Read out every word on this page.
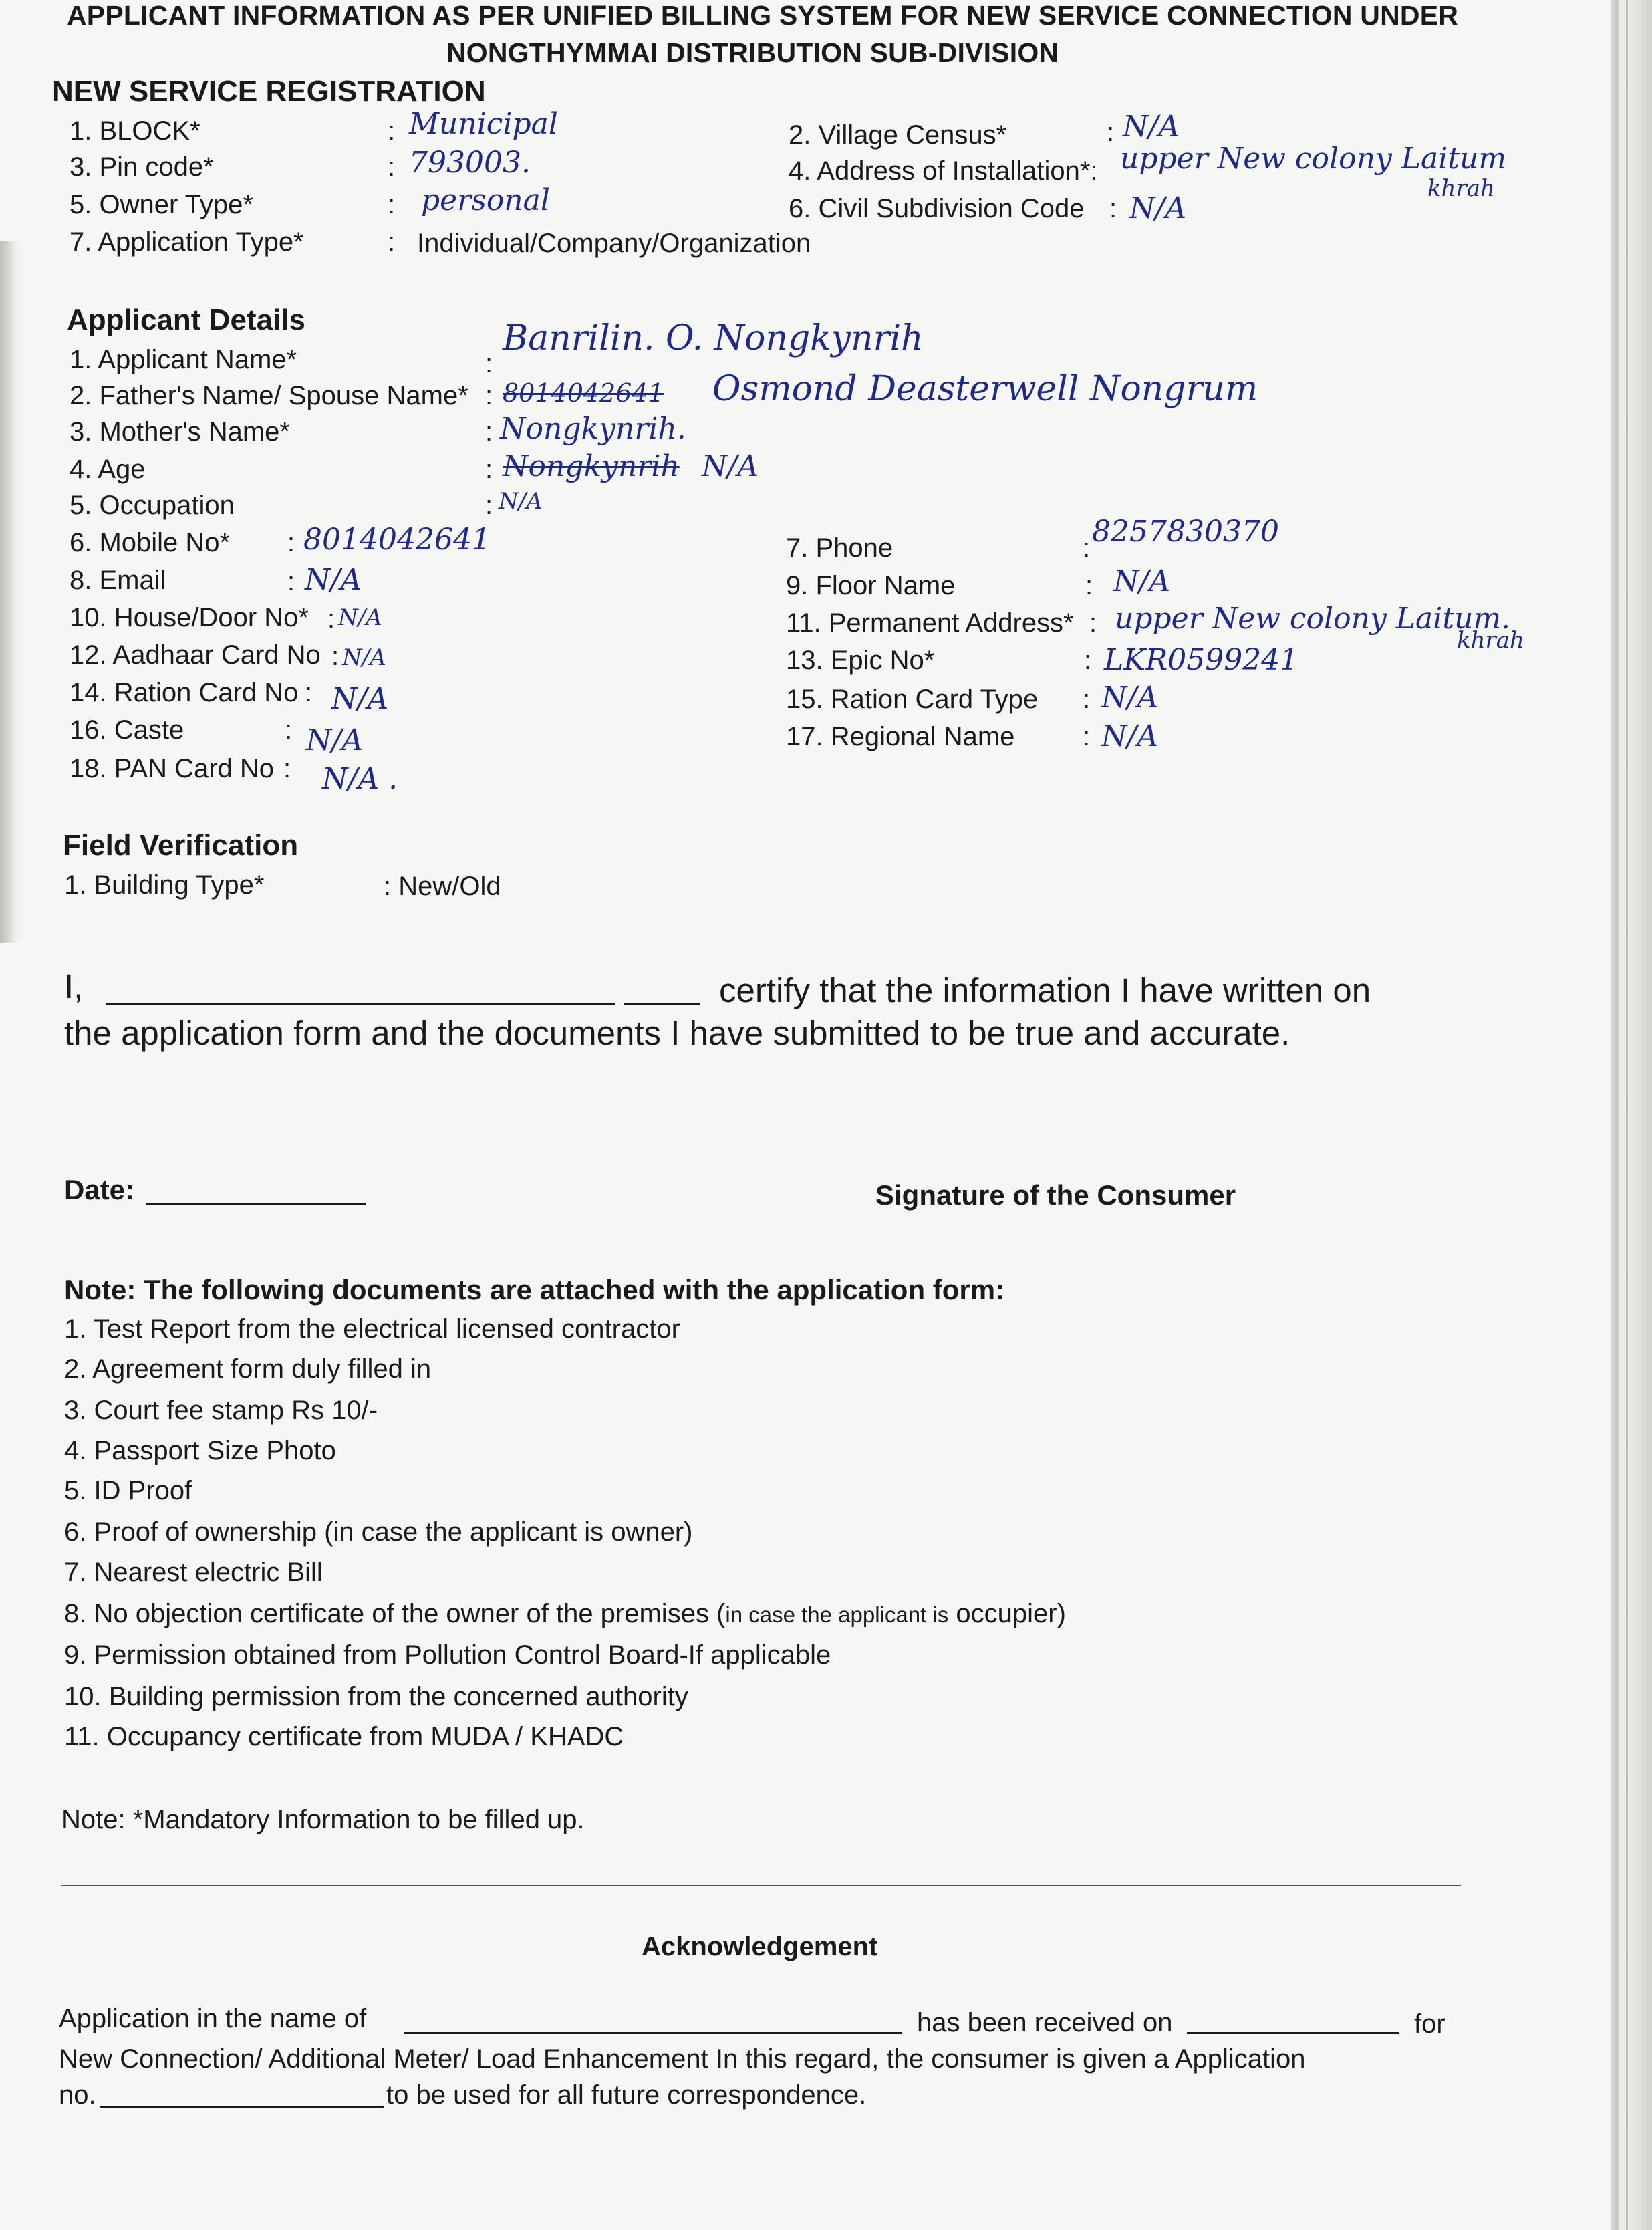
APPLICANT INFORMATION AS PER UNIFIED BILLING SYSTEM FOR NEW SERVICE CONNECTION UNDER
NONGTHYMMAI DISTRIBUTION SUB-DIVISION
NEW SERVICE REGISTRATION
1. BLOCK*	: Municipal
3. Pin code*	: 793003.
5. Owner Type*	: personal
7. Application Type*	: Individual/Company/Organization
2. Village Census*	: N/A
4. Address of Installation*: upper New colony Laitum
khrah
6. Civil Subdivision Code : N/A
Applicant Details
1. Applicant Name*	:
Banrilin. O. Nongkynrih
2. Father's Name/ Spouse Name* : 8014042641 Osmond Deasterwell Nongrum
3. Mother's Name*	: Nongkynrih.
4. Age	: Nongkynrih N/A
5. Occupation	: N/A
6. Mobile No* : 8014042641
8. Email	: N/A
10. House/Door No* : N/A
12. Aadhaar Card No : N/A
14. Ration Card No : N/A
16. Caste	: N/A
18. PAN Card No : N/A .
7. Phone	: 8257830370
9. Floor Name	: N/A
11. Permanent Address* : upper New colony Laitum.
khrah
13. Epic No*	: LKR0599241
15. Ration Card Type : N/A
17. Regional Name	: N/A
Field Verification
1. Building Type*	: New/Old
I,	certify that the information I have written on
the application form and the documents I have submitted to be true and accurate.
Date:	Signature of the Consumer
Note: The following documents are attached with the application form:
1. Test Report from the electrical licensed contractor
2. Agreement form duly filled in
3. Court fee stamp Rs 10/-
4. Passport Size Photo
5. ID Proof
6. Proof of ownership (in case the applicant is owner)
7. Nearest electric Bill
8. No objection certificate of the owner of the premises (in case the applicant is occupier)
9. Permission obtained from Pollution Control Board-If applicable
10. Building permission from the concerned authority
11. Occupancy certificate from MUDA / KHADC
Note: *Mandatory Information to be filled up.
Acknowledgement
Application in the name of	has been received on	for
New Connection/ Additional Meter/ Load Enhancement In this regard, the consumer is given a Application
no.	to be used for all future correspondence.
